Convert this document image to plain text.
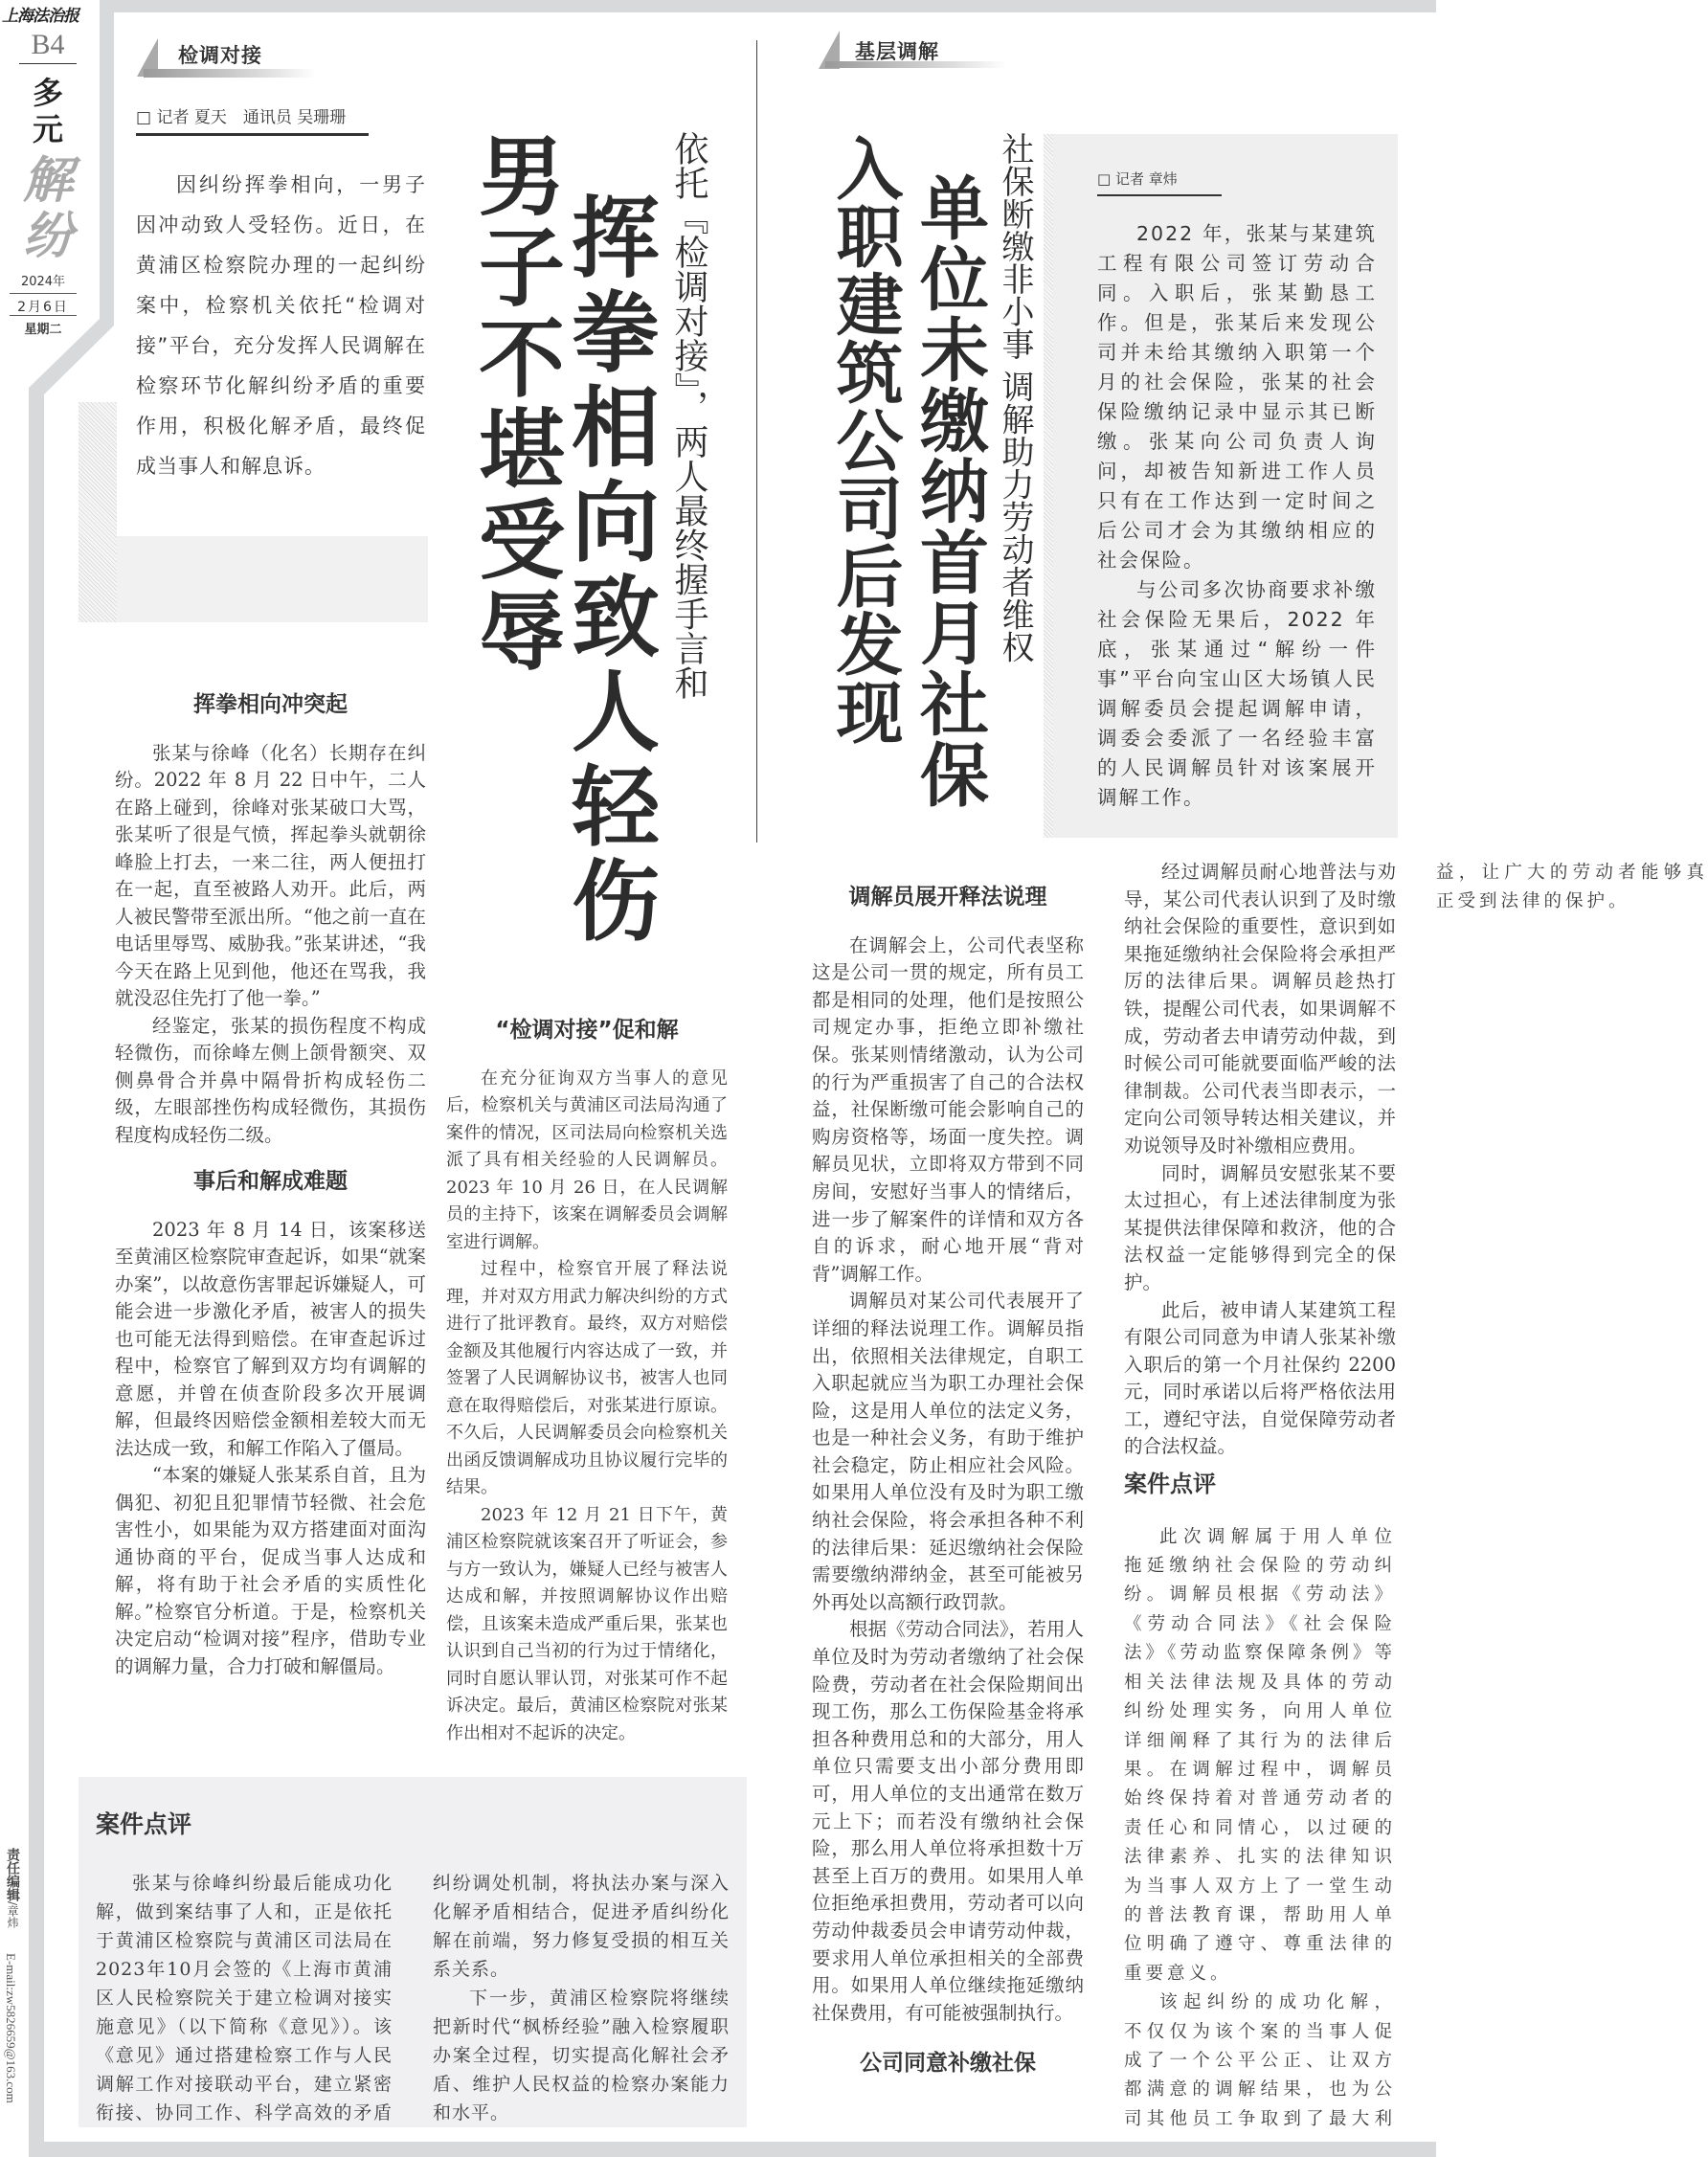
上海法治报
B4
多元
解纷
2024年
2月6日
星期二
责任编辑/章炜
E-mail:zw5826659@163.com
检调对接
□ 记者 夏天　通讯员 吴珊珊

因纠纷挥拳相向，一男子因冲动致人受轻伤。近日，在黄浦区检察院办理的一起纠纷案中，检察机关依托“检调对接”平台，充分发挥人民调解在检察环节化解纠纷矛盾的重要作用，积极化解矛盾，最终促成当事人和解息诉。	依托『检调对接』，两人最终握手言和
挥拳相向致人轻伤
男子不堪受辱
挥拳相向冲突起

张某与徐峰（化名）长期存在纠纷。2022 年 8 月 22 日中午，二人在路上碰到，徐峰对张某破口大骂，张某听了很是气愤，挥起拳头就朝徐峰脸上打去，一来二往，两人便扭打在一起，直至被路人劝开。此后，两人被民警带至派出所。“他之前一直在电话里辱骂、威胁我。”张某讲述，“我今天在路上见到他，他还在骂我，我就没忍住先打了他一拳。”

经鉴定，张某的损伤程度不构成轻微伤，而徐峰左侧上颌骨额突、双侧鼻骨合并鼻中隔骨折构成轻伤二级，左眼部挫伤构成轻微伤，其损伤程度构成轻伤二级。

事后和解成难题

2023 年 8 月 14 日，该案移送至黄浦区检察院审查起诉，如果“就案办案”，以故意伤害罪起诉嫌疑人，可能会进一步激化矛盾，被害人的损失也可能无法得到赔偿。在审查起诉过程中，检察官了解到双方均有调解的意愿，并曾在侦查阶段多次开展调解，但最终因赔偿金额相差较大而无法达成一致，和解工作陷入了僵局。

“本案的嫌疑人张某系自首，且为偶犯、初犯且犯罪情节轻微、社会危害性小，如果能为双方搭建面对面沟通协商的平台，促成当事人达成和解，将有助于社会矛盾的实质性化解。”检察官分析道。于是，检察机关决定启动“检调对接”程序，借助专业的调解力量，合力打破和解僵局。

“检调对接”促和解

在充分征询双方当事人的意见后，检察机关与黄浦区司法局沟通了案件的情况，区司法局向检察机关选派了具有相关经验的人民调解员。2023 年 10 月 26 日，在人民调解员的主持下，该案在调解委员会调解室进行调解。

过程中，检察官开展了释法说理，并对双方用武力解决纠纷的方式进行了批评教育。最终，双方对赔偿金额及其他履行内容达成了一致，并签署了人民调解协议书，被害人也同意在取得赔偿后，对张某进行原谅。不久后，人民调解委员会向检察机关出函反馈调解成功且协议履行完毕的结果。

2023 年 12 月 21 日下午，黄浦区检察院就该案召开了听证会，参与方一致认为，嫌疑人已经与被害人达成和解，并按照调解协议作出赔偿，且该案未造成严重后果，张某也认识到自己当初的行为过于情绪化，同时自愿认罪认罚，对张某可作不起诉决定。最后，黄浦区检察院对张某作出相对不起诉的决定。

案件点评

张某与徐峰纠纷最后能成功化解，做到案结事了人和，正是依托于黄浦区检察院与黄浦区司法局在2023年10月会签的《上海市黄浦区人民检察院关于建立检调对接实施意见》（以下简称《意见》）。该《意见》通过搭建检察工作与人民调解工作对接联动平台，建立紧密衔接、协同工作、科学高效的矛盾纠纷调处机制，将执法办案与深入化解矛盾相结合，促进矛盾纠纷化解在前端，努力修复受损的相互关系关系。

下一步，黄浦区检察院将继续把新时代“枫桥经验”融入检察履职办案全过程，切实提高化解社会矛盾、维护人民权益的检察办案能力和水平。

基层调解
社保断缴非小事 调解助力劳动者维权
单位未缴纳首月社保
入职建筑公司后发现	□ 记者 章炜

2022 年，张某与某建筑工程有限公司签订劳动合同。入职后，张某勤恳工作。但是，张某后来发现公司并未给其缴纳入职第一个月的社会保险，张某的社会保险缴纳记录中显示其已断缴。张某向公司负责人询问，却被告知新进工作人员只有在工作达到一定时间之后公司才会为其缴纳相应的社会保险。

与公司多次协商要求补缴社会保险无果后，2022 年底，张某通过“解纷一件事”平台向宝山区大场镇人民调解委员会提起调解申请，调委会委派了一名经验丰富的人民调解员针对该案展开调解工作。

调解员展开释法说理

在调解会上，公司代表坚称这是公司一贯的规定，所有员工都是相同的处理，他们是按照公司规定办事，拒绝立即补缴社保。张某则情绪激动，认为公司的行为严重损害了自己的合法权益，社保断缴可能会影响自己的购房资格等，场面一度失控。调解员见状，立即将双方带到不同房间，安慰好当事人的情绪后，进一步了解案件的详情和双方各自的诉求，耐心地开展“背对背”调解工作。

调解员对某公司代表展开了详细的释法说理工作。调解员指出，依照相关法律规定，自职工入职起就应当为职工办理社会保险，这是用人单位的法定义务，也是一种社会义务，有助于维护社会稳定，防止相应社会风险。如果用人单位没有及时为职工缴纳社会保险，将会承担各种不利的法律后果：延迟缴纳社会保险需要缴纳滞纳金，甚至可能被另外再处以高额行政罚款。

根据《劳动合同法》，若用人单位及时为劳动者缴纳了社会保险费，劳动者在社会保险期间出现工伤，那么工伤保险基金将承担各种费用总和的大部分，用人单位只需要支出小部分费用即可，用人单位的支出通常在数万元上下；而若没有缴纳社会保险，那么用人单位将承担数十万甚至上百万的费用。如果用人单位拒绝承担费用，劳动者可以向劳动仲裁委员会申请劳动仲裁，要求用人单位承担相关的全部费用。如果用人单位继续拖延缴纳社保费用，有可能被强制执行。

公司同意补缴社保

经过调解员耐心地普法与劝导，某公司代表认识到了及时缴纳社会保险的重要性，意识到如果拖延缴纳社会保险将会承担严厉的法律后果。调解员趁热打铁，提醒公司代表，如果调解不成，劳动者去申请劳动仲裁，到时候公司可能就要面临严峻的法律制裁。公司代表当即表示，一定向公司领导转达相关建议，并劝说领导及时补缴相应费用。

同时，调解员安慰张某不要太过担心，有上述法律制度为张某提供法律保障和救济，他的合法权益一定能够得到完全的保护。

此后，被申请人某建筑工程有限公司同意为申请人张某补缴入职后的第一个月社保约 2200 元，同时承诺以后将严格依法用工，遵纪守法，自觉保障劳动者的合法权益。

案件点评

此次调解属于用人单位拖延缴纳社会保险的劳动纠纷。调解员根据《劳动法》《劳动合同法》《社会保险法》《劳动监察保障条例》等相关法律法规及具体的劳动纠纷处理实务，向用人单位详细阐释了其行为的法律后果。在调解过程中，调解员始终保持着对普通劳动者的责任心和同情心，以过硬的法律素养、扎实的法律知识为当事人双方上了一堂生动的普法教育课，帮助用人单位明确了遵守、尊重法律的重要意义。

该起纠纷的成功化解，不仅仅为该个案的当事人促成了一个公平公正、让双方都满意的调解结果，也为公司其他员工争取到了最大利益，让广大的劳动者能够真正受到法律的保护。
